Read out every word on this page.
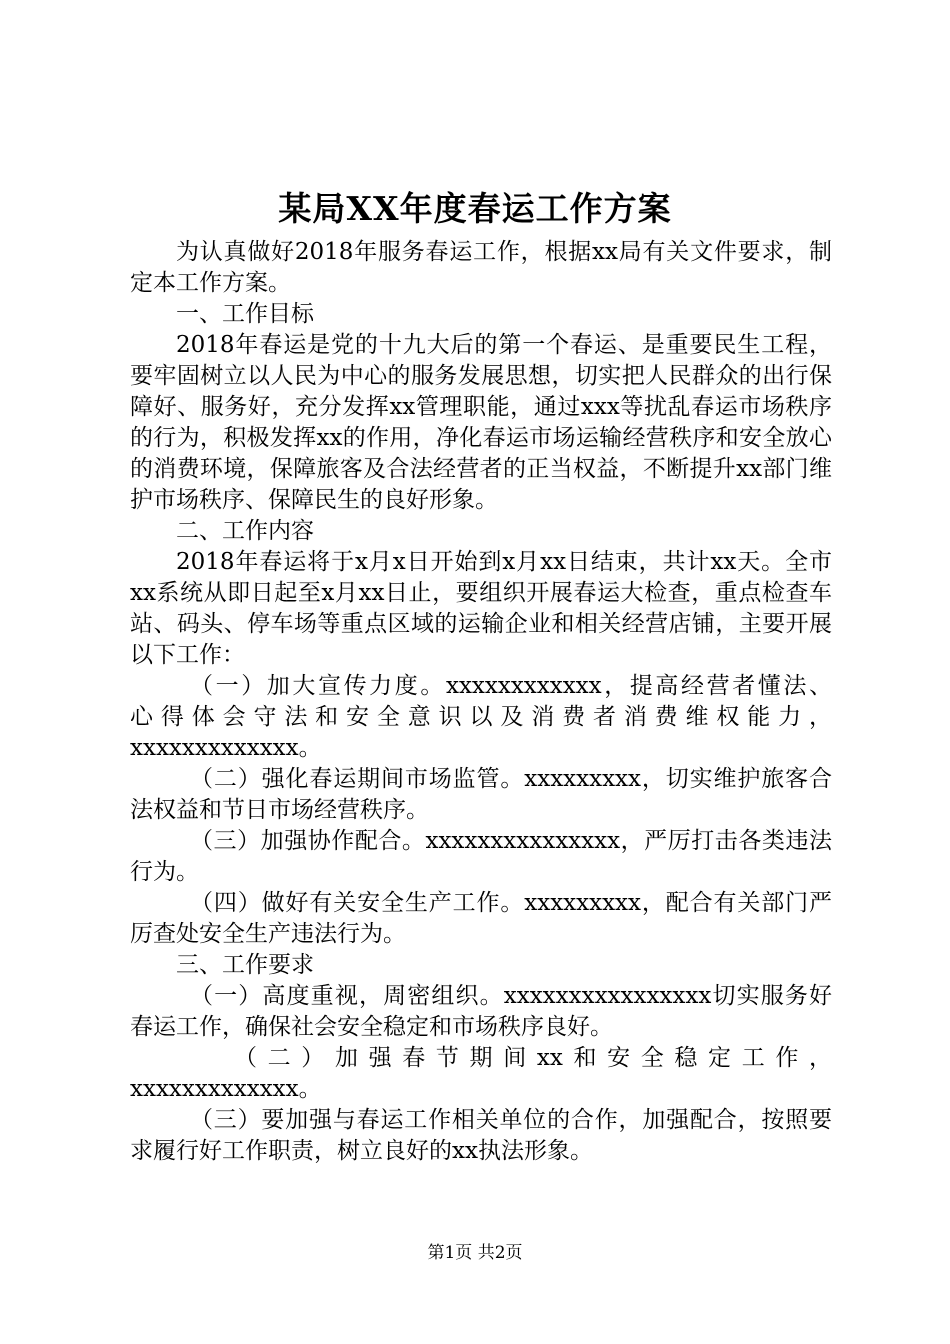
某局XX年度春运工作方案

为认真做好2018年服务春运工作，根据xx局有关文件要求，制定本工作方案。

一、工作目标

2018年春运是党的十九大后的第一个春运、是重要民生工程，要牢固树立以人民为中心的服务发展思想，切实把人民群众的出行保障好、服务好，充分发挥xx管理职能，通过xxx等扰乱春运市场秩序的行为，积极发挥xx的作用，净化春运市场运输经营秩序和安全放心的消费环境，保障旅客及合法经营者的正当权益，不断提升xx部门维护市场秩序、保障民生的良好形象。

二、工作内容

2018年春运将于x月x日开始到x月xx日结束，共计xx天。全市xx系统从即日起至x月xx日止，要组织开展春运大检查，重点检查车站、码头、停车场等重点区域的运输企业和相关经营店铺，主要开展以下工作：

（一）加大宣传力度。xxxxxxxxxxxx，提高经营者懂法、

心得体会守法和安全意识以及消费者消费维权能力，xxxxxxxxxxxxx。

（二）强化春运期间市场监管。xxxxxxxxx，切实维护旅客合法权益和节日市场经营秩序。

（三）加强协作配合。xxxxxxxxxxxxxxx，严厉打击各类违法行为。

（四）做好有关安全生产工作。xxxxxxxxx，配合有关部门严厉查处安全生产违法行为。

三、工作要求

（一）高度重视，周密组织。xxxxxxxxxxxxxxxx切实服务好春运工作，确保社会安全稳定和市场秩序良好。

（二）加强春节期间xx和安全稳定工作，

xxxxxxxxxxxxx。

（三）要加强与春运工作相关单位的合作，加强配合，按照要求履行好工作职责，树立良好的xx执法形象。

第1页 共2页
